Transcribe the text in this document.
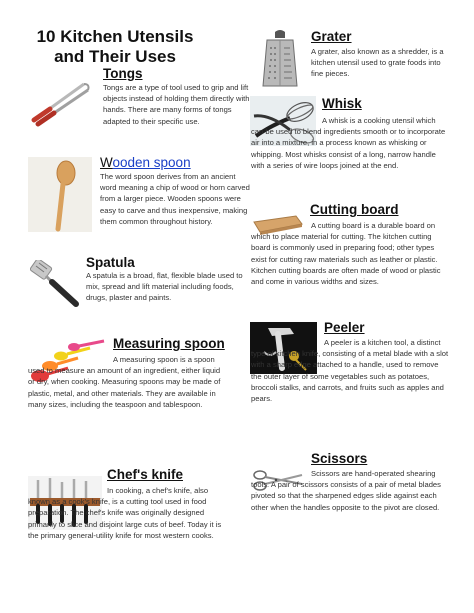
10 Kitchen Utensils and Their Uses
Tongs
Tongs are a type of tool used to grip and lift objects instead of holding them directly with hands. There are many forms of tongs adapted to their specific use.
Wooden spoon
The word spoon derives from an ancient word meaning a chip of wood or horn carved from a larger piece. Wooden spoons were easy to carve and thus inexpensive, making them common throughout history.
Spatula
A spatula is a broad, flat, flexible blade used to mix, spread and lift material including foods, drugs, plaster and paints.
Measuring spoon
A measuring spoon is a spoon used to measure an amount of an ingredient, either liquid or dry, when cooking. Measuring spoons may be made of plastic, metal, and other materials. They are available in many sizes, including the teaspoon and tablespoon.
Chef's knife
In cooking, a chef's knife, also known as a cook's knife, is a cutting tool used in food preparation. The chef's knife was originally designed primarily to slice and disjoint large cuts of beef. Today it is the primary general-utility knife for most western cooks.
Grater
A grater, also known as a shredder, is a kitchen utensil used to grate foods into fine pieces.
Whisk
A whisk is a cooking utensil which can be used to blend ingredients smooth or to incorporate air into a mixture, in a process known as whisking or whipping. Most whisks consist of a long, narrow handle with a series of wire loops joined at the end.
Cutting board
A cutting board is a durable board on which to place material for cutting. The kitchen cutting board is commonly used in preparing food; other types exist for cutting raw materials such as leather or plastic. Kitchen cutting boards are often made of wood or plastic and come in various widths and sizes.
Peeler
A peeler is a kitchen tool, a distinct type of kitchen knife, consisting of a metal blade with a slot with a sharp edge attached to a handle, used to remove the outer layer of some vegetables such as potatoes, broccoli stalks, and carrots, and fruits such as apples and pears.
Scissors
Scissors are hand-operated shearing tools. A pair of scissors consists of a pair of metal blades pivoted so that the sharpened edges slide against each other when the handles opposite to the pivot are closed.
